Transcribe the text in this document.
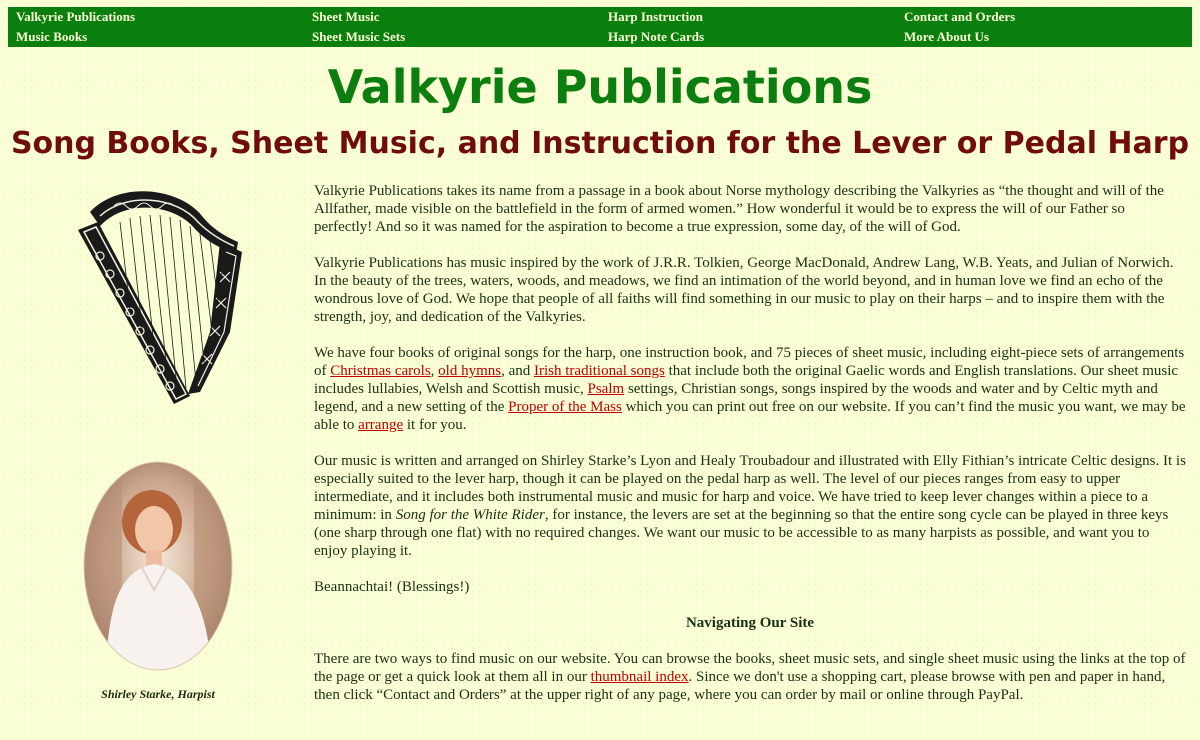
Valkyrie Publications	Sheet Music	Harp Instruction	Contact and Orders
Music Books	Sheet Music Sets	Harp Note Cards	More About Us
Valkyrie Publications
Song Books, Sheet Music, and Instruction for the Lever or Pedal Harp
Shirley Starke, Harpist

Valkyrie Publications takes its name from a passage in a book about Norse mythology describing the Valkyries as “the thought and will of the Allfather, made visible on the battlefield in the form of armed women.” How wonderful it would be to express the will of our Father so perfectly! And so it was named for the aspiration to become a true expression, some day, of the will of God.

Valkyrie Publications has music inspired by the work of J.R.R. Tolkien, George MacDonald, Andrew Lang, W.B. Yeats, and Julian of Norwich. In the beauty of the trees, waters, woods, and meadows, we find an intimation of the world beyond, and in human love we find an echo of the wondrous love of God. We hope that people of all faiths will find something in our music to play on their harps – and to inspire them with the strength, joy, and dedication of the Valkyries.

We have four books of original songs for the harp, one instruction book, and 75 pieces of sheet music, including eight-piece sets of arrangements of Christmas carols, old hymns, and Irish traditional songs that include both the original Gaelic words and English translations. Our sheet music includes lullabies, Welsh and Scottish music, Psalm settings, Christian songs, songs inspired by the woods and water and by Celtic myth and legend, and a new setting of the Proper of the Mass which you can print out free on our website. If you can’t find the music you want, we may be able to arrange it for you.

Our music is written and arranged on Shirley Starke’s Lyon and Healy Troubadour and illustrated with Elly Fithian’s intricate Celtic designs. It is especially suited to the lever harp, though it can be played on the pedal harp as well. The level of our pieces ranges from easy to upper intermediate, and it includes both instrumental music and music for harp and voice. We have tried to keep lever changes within a piece to a minimum: in Song for the White Rider, for instance, the levers are set at the beginning so that the entire song cycle can be played in three keys (one sharp through one flat) with no required changes. We want our music to be accessible to as many harpists as possible, and want you to enjoy playing it.

Beannachtai! (Blessings!)

Navigating Our Site

There are two ways to find music on our website. You can browse the books, sheet music sets, and single sheet music using the links at the top of the page or get a quick look at them all in our thumbnail index. Since we don't use a shopping cart, please browse with pen and paper in hand, then click “Contact and Orders” at the upper right of any page, where you can order by mail or online through PayPal.
